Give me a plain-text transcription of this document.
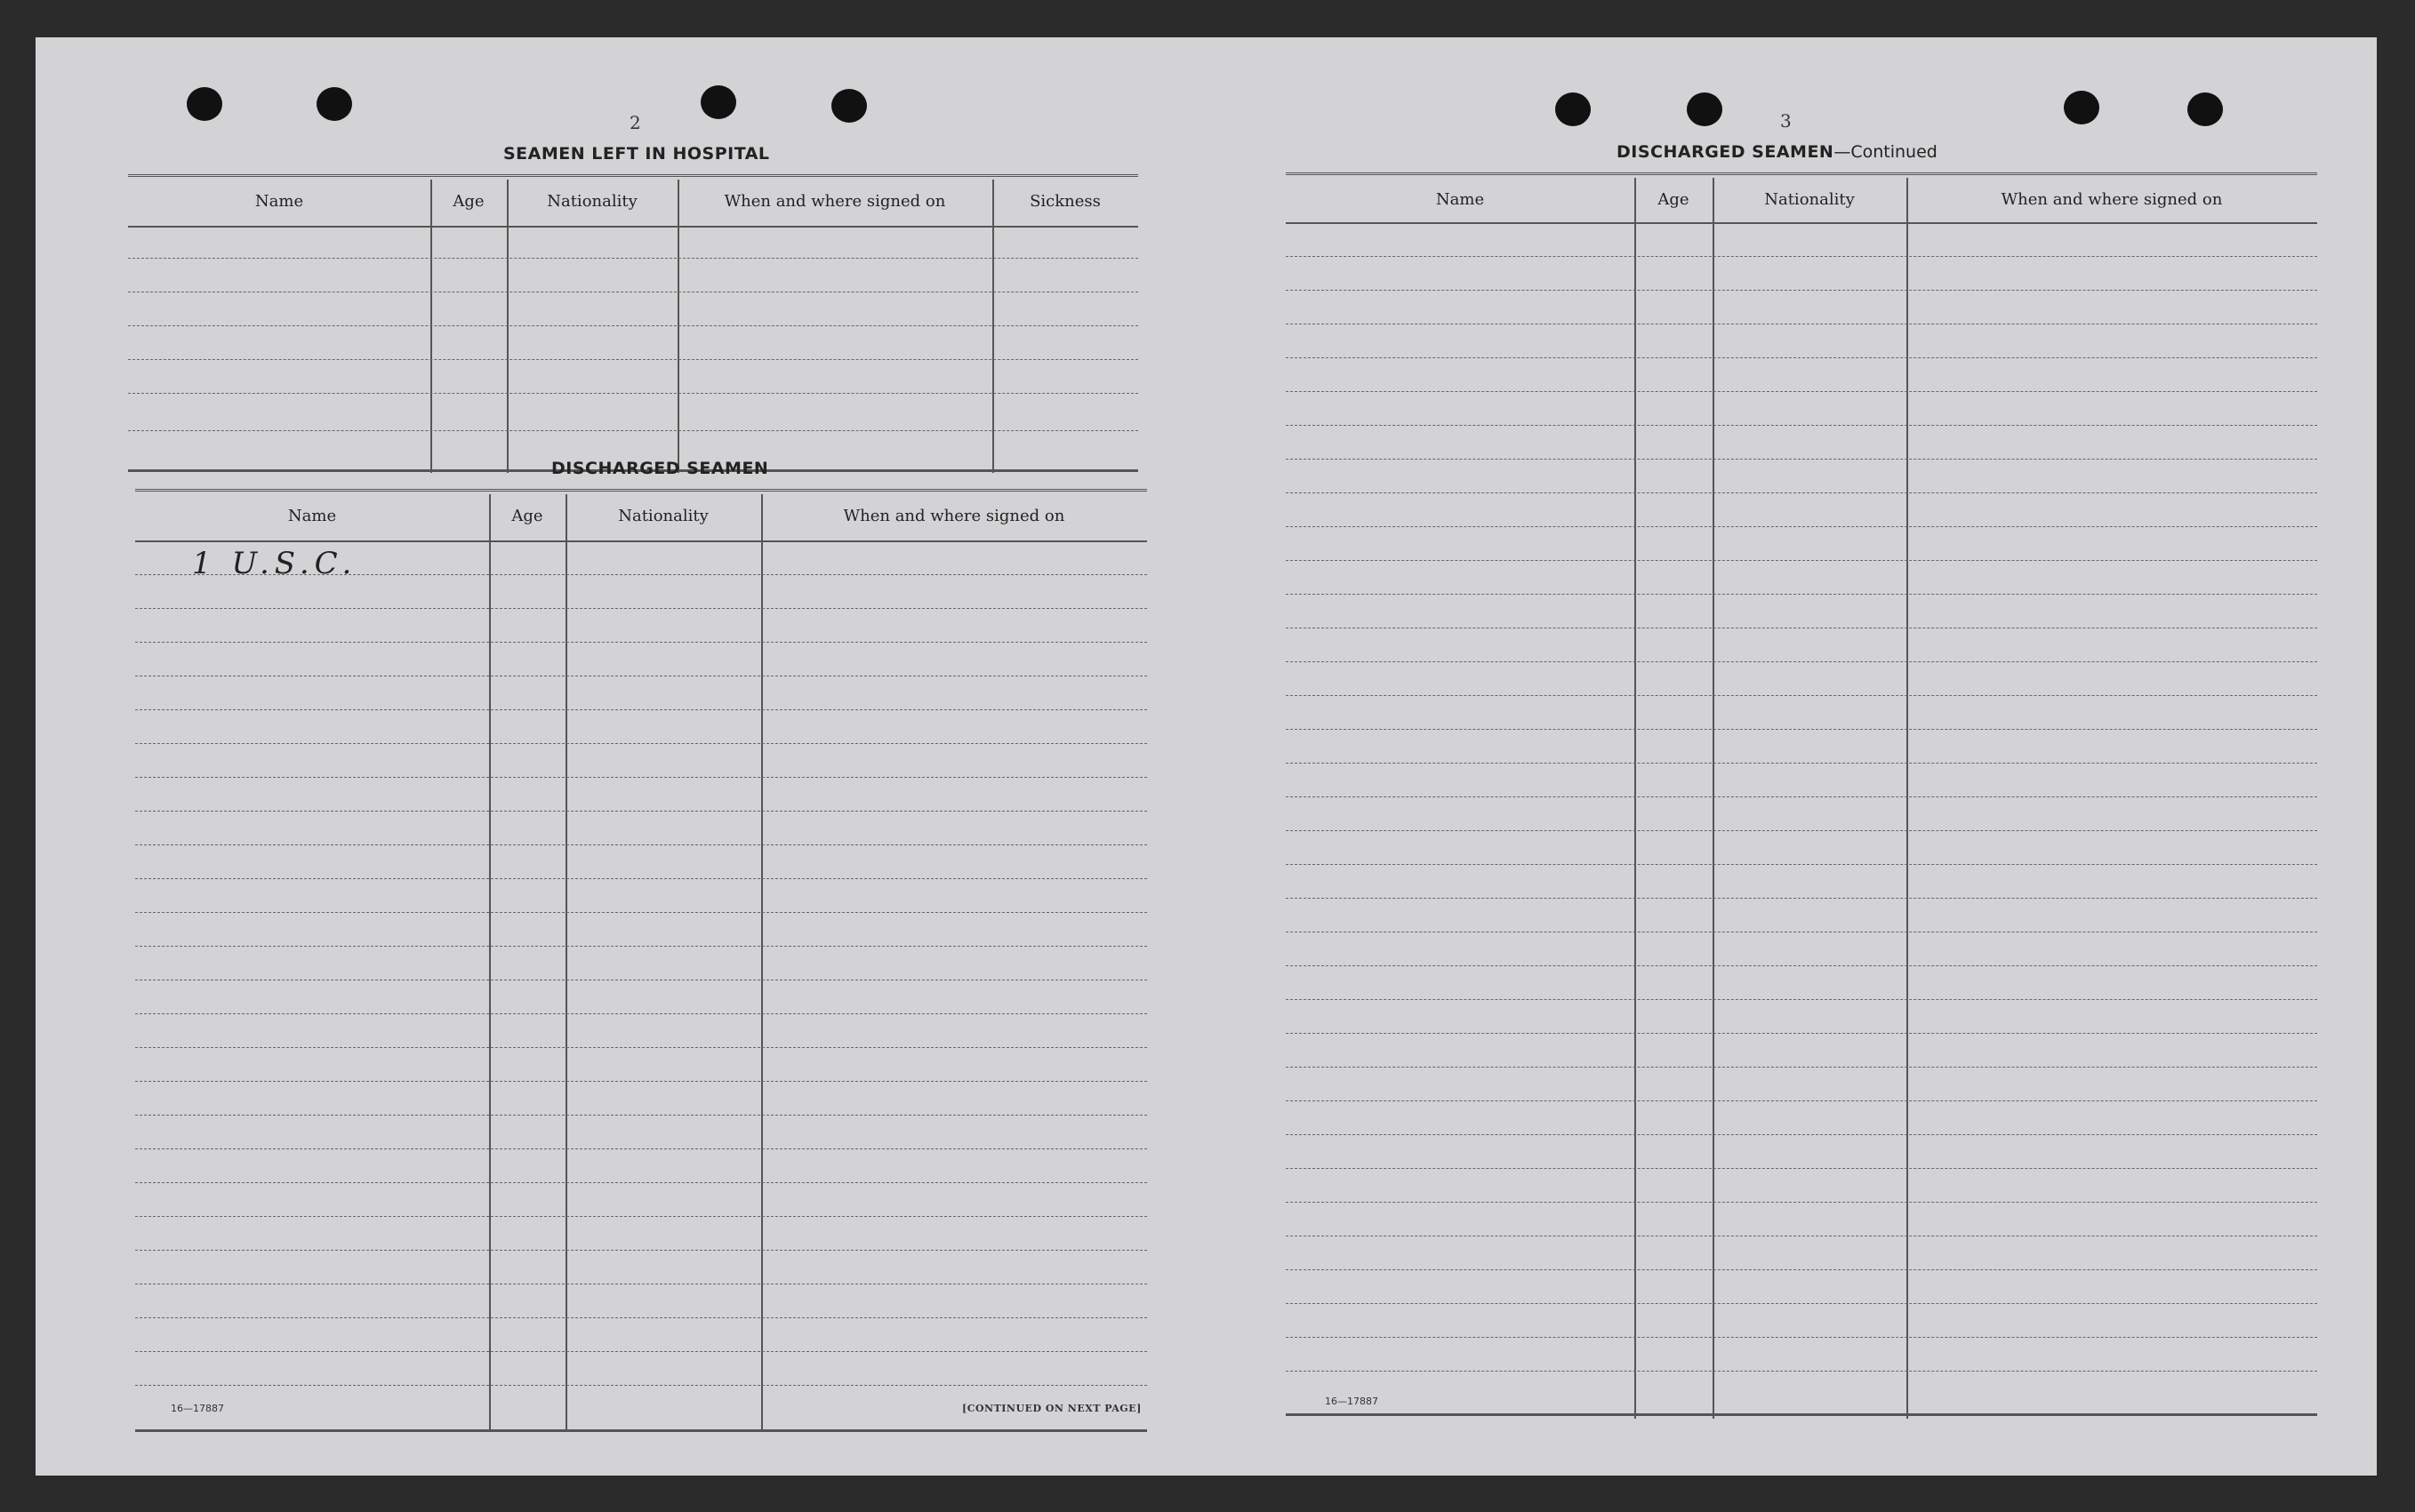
2
SEAMEN LEFT IN HOSPITAL
Name	Age	Nationality	When and where signed on	Sickness
DISCHARGED SEAMEN
Name	Age	Nationality	When and where signed on
1 U.S.C.
16—17887	[CONTINUED ON NEXT PAGE]
3
DISCHARGED SEAMEN—Continued
Name	Age	Nationality	When and where signed on
16—17887
